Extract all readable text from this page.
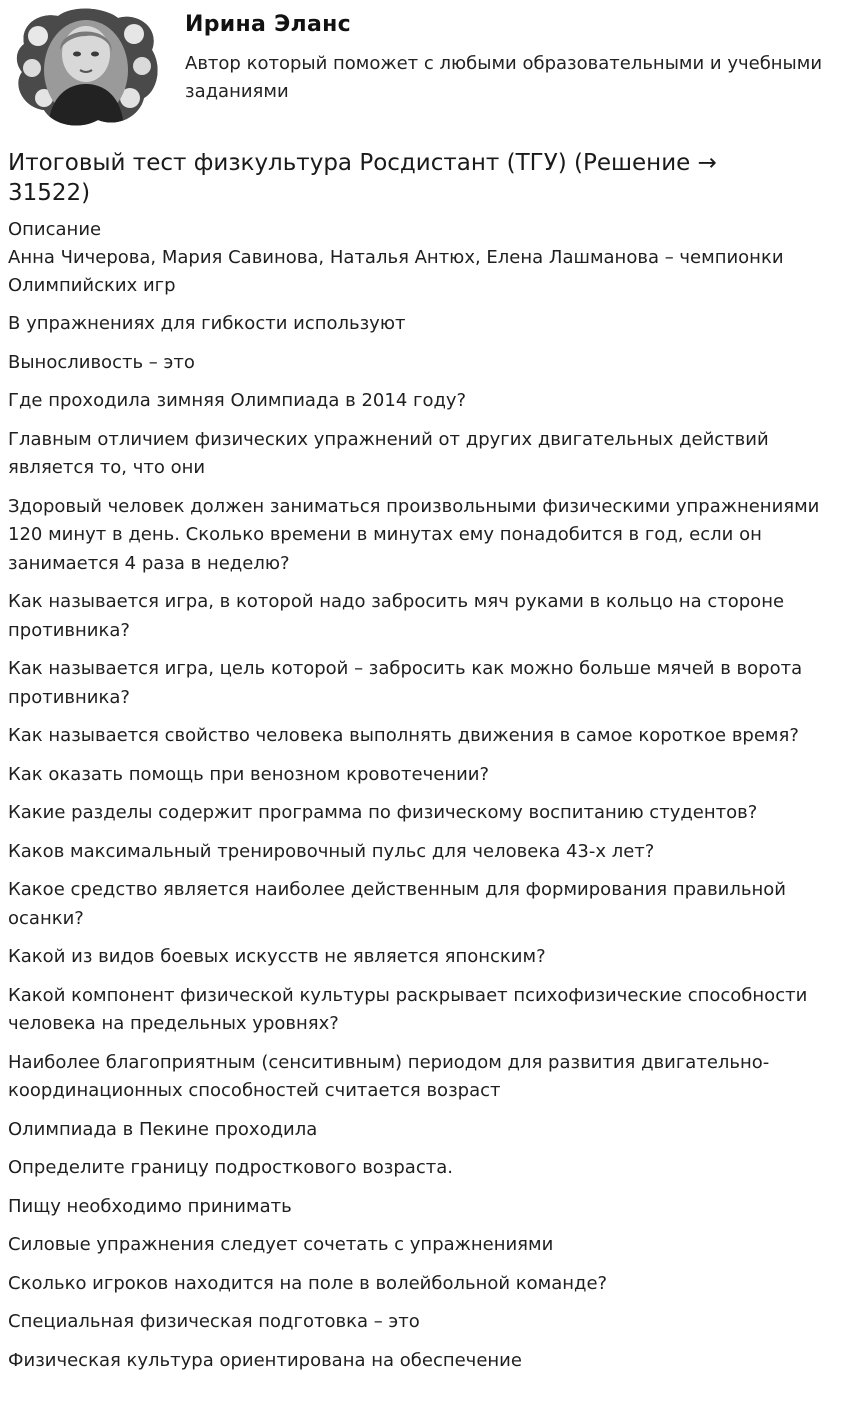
Ирина Эланс
Автор который поможет с любыми образовательными и учебными заданиями
Итоговый тест физкультура Росдистант (ТГУ) (Решение → 31522)
Описание
Анна Чичерова, Мария Савинова, Наталья Антюх, Елена Лашманова – чемпионки Олимпийских игр
В упражнениях для гибкости используют
Выносливость – это
Где проходила зимняя Олимпиада в 2014 году?
Главным отличием физических упражнений от других двигательных действий является то, что они
Здоровый человек должен заниматься произвольными физическими упражнениями 120 минут в день. Сколько времени в минутах ему понадобится в год, если он занимается 4 раза в неделю?
Как называется игра, в которой надо забросить мяч руками в кольцо на стороне противника?
Как называется игра, цель которой – забросить как можно больше мячей в ворота противника?
Как называется свойство человека выполнять движения в самое короткое время?
Как оказать помощь при венозном кровотечении?
Какие разделы содержит программа по физическому воспитанию студентов?
Каков максимальный тренировочный пульс для человека 43-х лет?
Какое средство является наиболее действенным для формирования правильной осанки?
Какой из видов боевых искусств не является японским?
Какой компонент физической культуры раскрывает психофизические способности человека на предельных уровнях?
Наиболее благоприятным (сенситивным) периодом для развития двигательно-координационных способностей считается возраст
Олимпиада в Пекине проходила
Определите границу подросткового возраста.
Пищу необходимо принимать
Силовые упражнения следует сочетать с упражнениями
Сколько игроков находится на поле в волейбольной команде?
Специальная физическая подготовка – это
Физическая культура ориентирована на обеспечение
